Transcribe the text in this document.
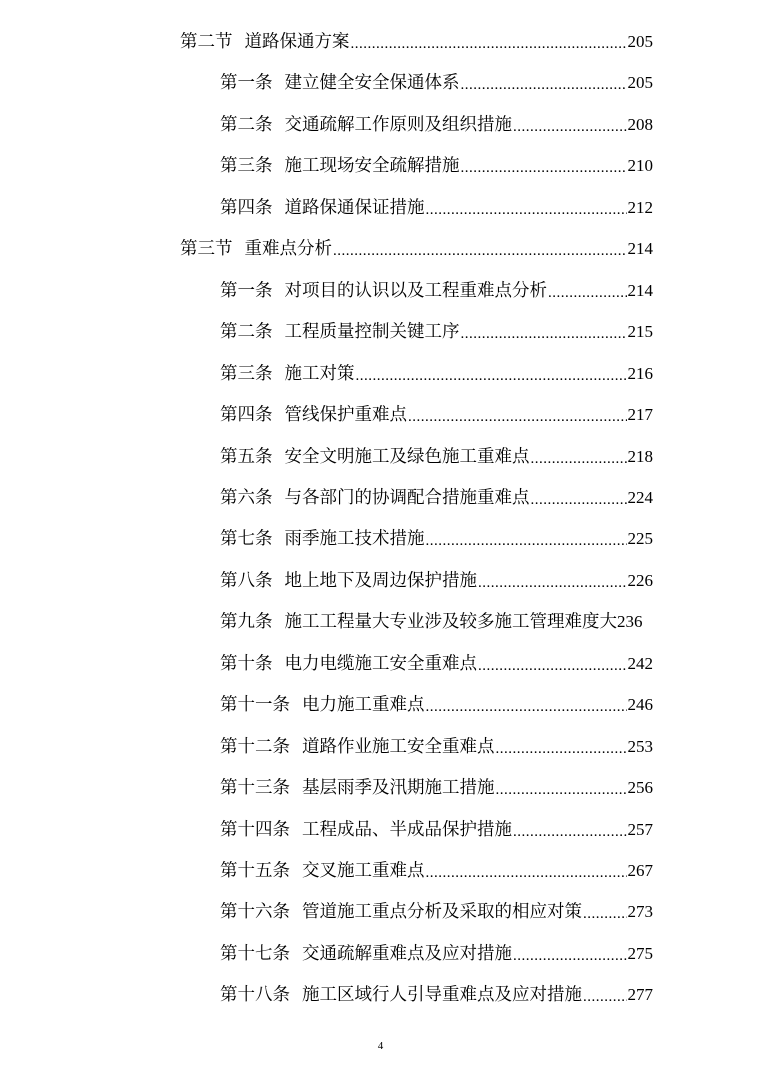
第二节 道路保通方案 .....	205
第一条 建立健全安全保通体系 .....	205
第二条 交通疏解工作原则及组织措施 .....	208
第三条 施工现场安全疏解措施 .....	210
第四条 道路保通保证措施 .....	212
第三节 重难点分析 .....	214
第一条 对项目的认识以及工程重难点分析 .....	214
第二条 工程质量控制关键工序 .....	215
第三条 施工对策 .....	216
第四条 管线保护重难点 .....	217
第五条 安全文明施工及绿色施工重难点 .....	218
第六条 与各部门的协调配合措施重难点 .....	224
第七条 雨季施工技术措施 .....	225
第八条 地上地下及周边保护措施 .....	226
第九条 施工工程量大专业涉及较多施工管理难度大 236
第十条 电力电缆施工安全重难点 .....	242
第十一条 电力施工重难点 .....	246
第十二条 道路作业施工安全重难点 .....	253
第十三条 基层雨季及汛期施工措施 .....	256
第十四条 工程成品、半成品保护措施 .....	257
第十五条 交叉施工重难点 .....	267
第十六条 管道施工重点分析及采取的相应对策 .....	273
第十七条 交通疏解重难点及应对措施 .....	275
第十八条 施工区域行人引导重难点及应对措施 .....	277
4
